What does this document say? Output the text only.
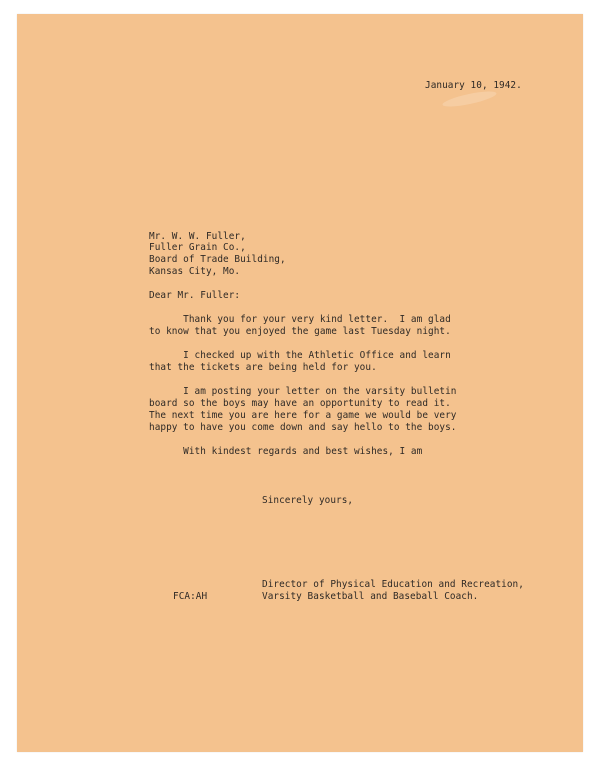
January 10, 1942.
Mr. W. W. Fuller,
Fuller Grain Co.,
Board of Trade Building,
Kansas City, Mo.
Dear Mr. Fuller:
Thank you for your very kind letter.  I am glad
to know that you enjoyed the game last Tuesday night.
I checked up with the Athletic Office and learn
that the tickets are being held for you.
I am posting your letter on the varsity bulletin
board so the boys may have an opportunity to read it.
The next time you are here for a game we would be very
happy to have you come down and say hello to the boys.
With kindest regards and best wishes, I am
Sincerely yours,
Director of Physical Education and Recreation,
Varsity Basketball and Baseball Coach.
FCA:AH
